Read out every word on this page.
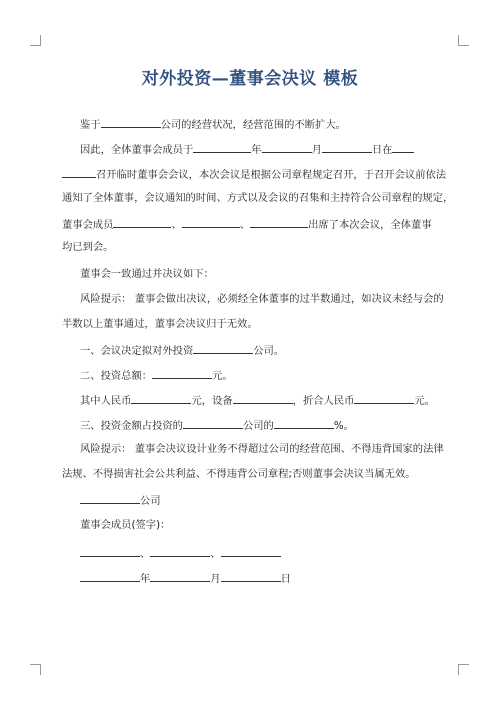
对外投资—董事会决议 模板
鉴于	公司的经营状况，经营范围的不断扩大。
因此，全体董事会成员于	年	月	日在
召开临时董事会会议，本次会议是根据公司章程规定召开，于召开会议前依法
通知了全体董事，会议通知的时间、方式以及会议的召集和主持符合公司章程的规定，
董事会成员	、	、	出席了本次会议，全体董事
均已到会。
董事会一致通过并决议如下：
风险提示： 董事会做出决议，必须经全体董事的过半数通过，如决议未经与会的
半数以上董事通过，董事会决议归于无效。
一、会议决定拟对外投资	公司。
二、投资总额：	元。
其中人民币	元，设备	，折合人民币	元。
三、投资金额占投资的	公司的	%。
风险提示： 董事会决议设计业务不得超过公司的经营范围、不得违背国家的法律
法规、不得损害社会公共利益、不得违背公司章程;否则董事会决议当属无效。
公司
董事会成员(签字)：
、	、
年	月	日
